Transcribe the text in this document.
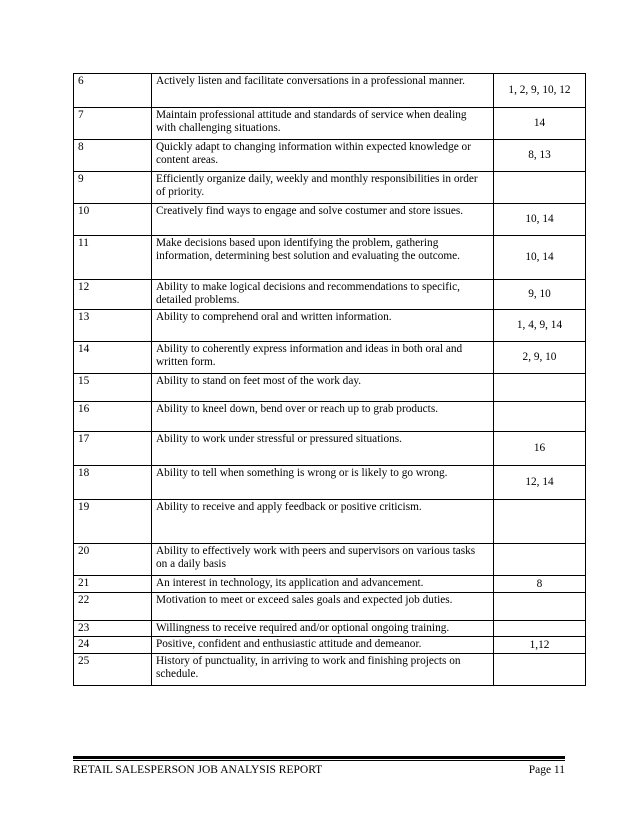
6	Actively listen and facilitate conversations in a professional manner.	1, 2, 9, 10, 12
7	Maintain professional attitude and standards of service when dealing with challenging situations.	14
8	Quickly adapt to changing information within expected knowledge or content areas.	8, 13
9	Efficiently organize daily, weekly and monthly responsibilities in order of priority.	
10	Creatively find ways to engage and solve costumer and store issues.	10, 14
11	Make decisions based upon identifying the problem, gathering information, determining best solution and evaluating the outcome.	10, 14
12	Ability to make logical decisions and recommendations to specific, detailed problems.	9, 10
13	Ability to comprehend oral and written information.	1, 4, 9, 14
14	Ability to coherently express information and ideas in both oral and written form.	2, 9, 10
15	Ability to stand on feet most of the work day.	
16	Ability to kneel down, bend over or reach up to grab products.	
17	Ability to work under stressful or pressured situations.	16
18	Ability to tell when something is wrong or is likely to go wrong.	12, 14
19	Ability to receive and apply feedback or positive criticism.	
20	Ability to effectively work with peers and supervisors on various tasks on a daily basis	
21	An interest in technology, its application and advancement.	8
22	Motivation to meet or exceed sales goals and expected job duties.	
23	Willingness to receive required and/or optional ongoing training.	
24	Positive, confident and enthusiastic attitude and demeanor.	1,12
25	History of punctuality, in arriving to work and finishing projects on schedule.	
RETAIL SALESPERSON JOB ANALYSIS REPORT	Page 11
